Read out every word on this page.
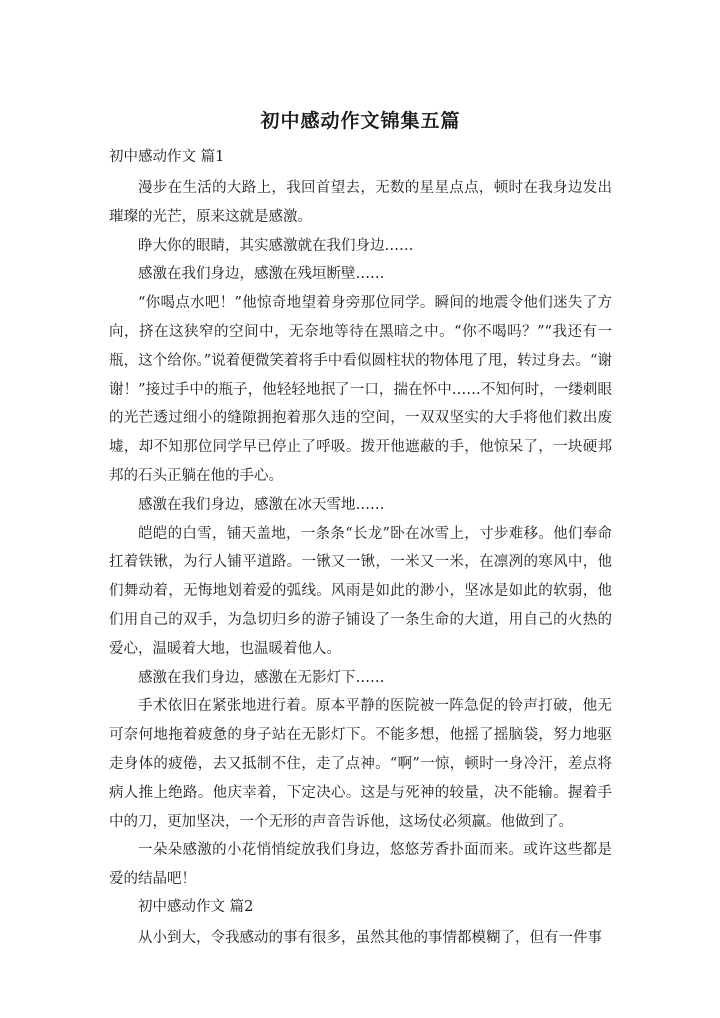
初中感动作文锦集五篇
初中感动作文 篇1

漫步在生活的大路上，我回首望去，无数的星星点点，顿时在我身边发出璀璨的光芒，原来这就是感激。

睁大你的眼睛，其实感激就在我们身边……

感激在我们身边，感激在残垣断壁……

“你喝点水吧！”他惊奇地望着身旁那位同学。瞬间的地震令他们迷失了方向，挤在这狭窄的空间中，无奈地等待在黑暗之中。“你不喝吗？”“我还有一瓶，这个给你。”说着便微笑着将手中看似圆柱状的物体甩了甩，转过身去。“谢谢！”接过手中的瓶子，他轻轻地抿了一口，揣在怀中……不知何时，一缕刺眼的光芒透过细小的缝隙拥抱着那久违的空间，一双双坚实的大手将他们救出废墟，却不知那位同学早已停止了呼吸。拨开他遮蔽的手，他惊呆了，一块硬邦邦的石头正躺在他的手心。

感激在我们身边，感激在冰天雪地……

皑皑的白雪，铺天盖地，一条条“长龙”卧在冰雪上，寸步难移。他们奉命扛着铁锹，为行人铺平道路。一锹又一锹，一米又一米，在凛冽的寒风中，他们舞动着，无悔地划着爱的弧线。风雨是如此的渺小，坚冰是如此的软弱，他们用自己的双手，为急切归乡的游子铺设了一条生命的大道，用自己的火热的爱心，温暖着大地，也温暖着他人。

感激在我们身边，感激在无影灯下……

手术依旧在紧张地进行着。原本平静的医院被一阵急促的铃声打破，他无可奈何地拖着疲惫的身子站在无影灯下。不能多想，他摇了摇脑袋，努力地驱走身体的疲倦，去又抵制不住，走了点神。“啊”一惊，顿时一身冷汗，差点将病人推上绝路。他庆幸着，下定决心。这是与死神的较量，决不能输。握着手中的刀，更加坚决，一个无形的声音告诉他，这场仗必须赢。他做到了。

一朵朵感激的小花悄悄绽放我们身边，悠悠芳香扑面而来。或许这些都是爱的结晶吧！

初中感动作文 篇2

从小到大，令我感动的事有很多，虽然其他的事情都模糊了，但有一件事
